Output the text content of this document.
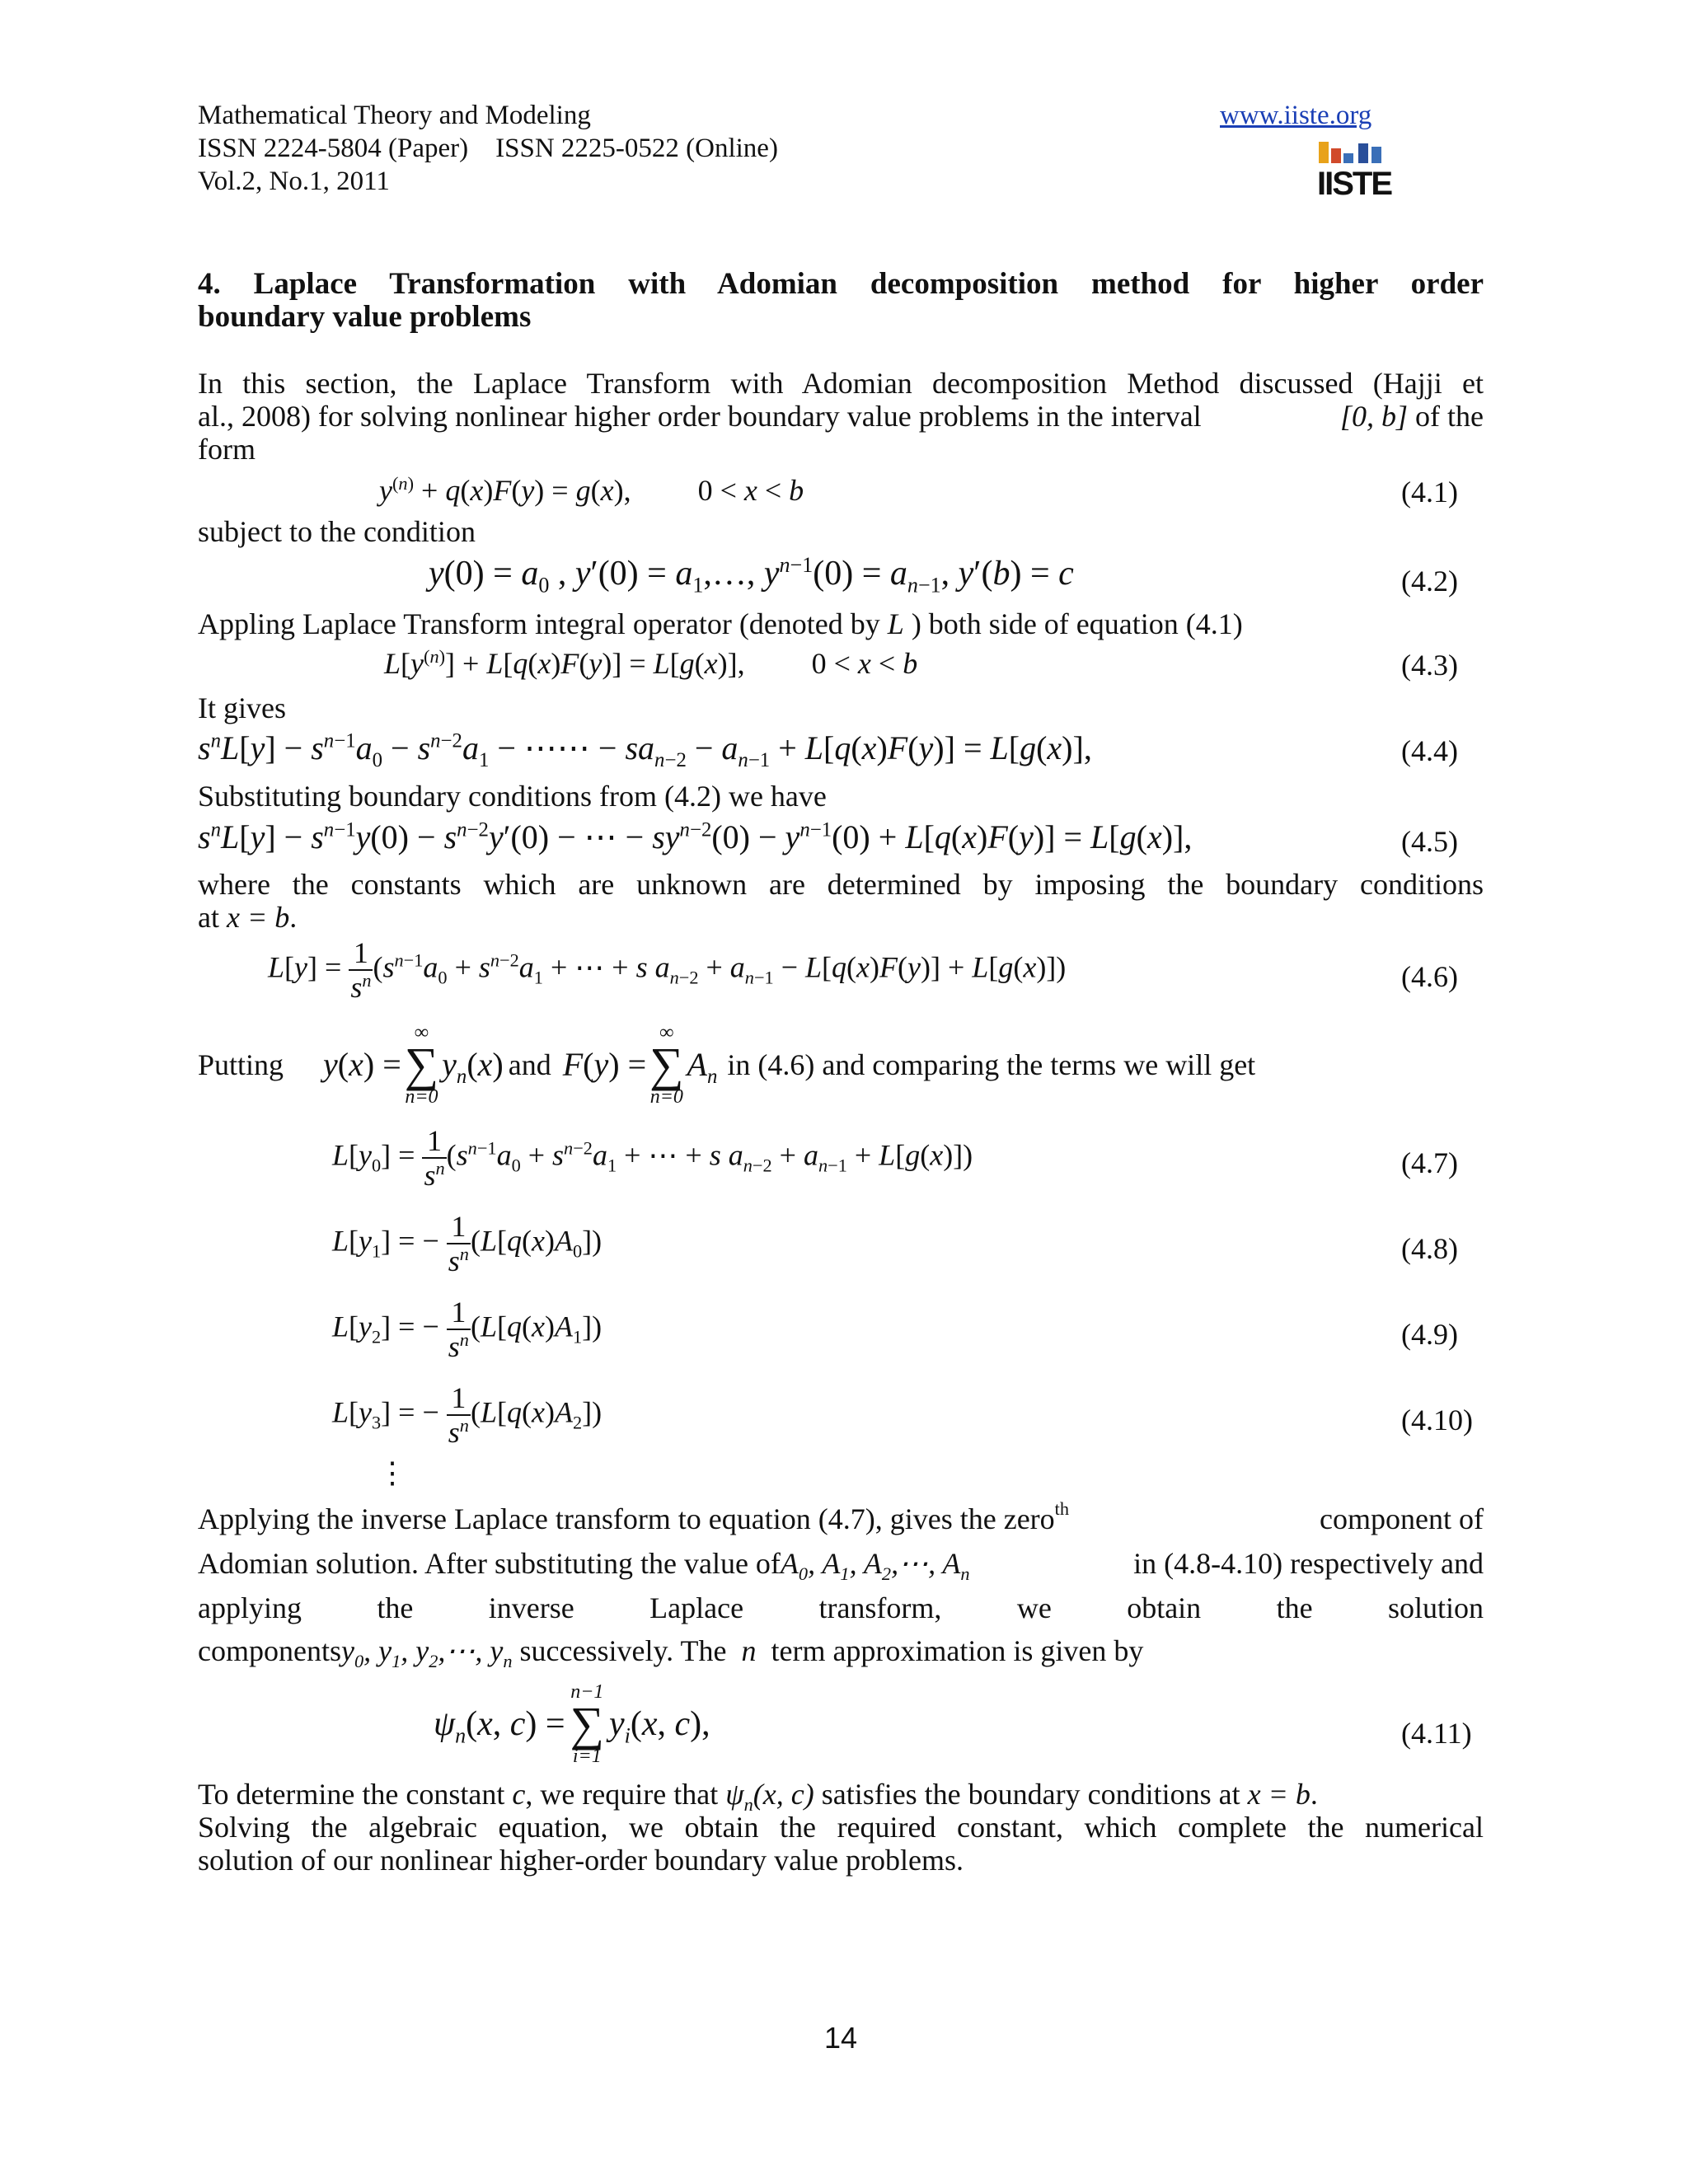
Mathematical Theory and Modeling
ISSN 2224-5804 (Paper)    ISSN 2225-0522 (Online)
Vol.2, No.1, 2011
www.iiste.org
IISTE
4. Laplace Transformation with Adomian decomposition method for higher order
boundary value problems
In this section, the Laplace Transform with Adomian decomposition Method discussed (Hajji et
al., 2008) for solving nonlinear higher order boundary value problems in the interval	[0, b] of the
form
$y^{(n)} + q(x)F(y) = g(x)$,         0 < x < b	(4.1)
subject to the condition
$y(0) = a_0$ , $y'(0) = a_1,\dots$, $y^{n-1}(0) = a_{n-1}$, y′(b) = c	(4.2)
Appling Laplace Transform integral operator (denoted by L ) both side of equation (4.1)
$L[y^{(n)}] + L[q(x)F(y)] = L[g(x)]$,         0 < x < b	(4.3)
It gives
$s^nL[y] - s^{n-1}a_0 - s^{n-2}a_1$ − ⋯⋯ − $sa_{n-2} - a_{n-1} + L[q(x)F(y)] = L[g(x)]$,	(4.4)
Substituting boundary conditions from (4.2) we have
$s^nL[y] - s^{n-1}y(0) - s^{n-2}y'(0)$ − ⋯ − $sy^{n-2}(0) - y^{n-1}(0) + L[q(x)F(y)] = L[g(x)]$,	(4.5)
where the constants which are unknown are determined by imposing the boundary conditions
at x = b.
$L[y] = \frac{1}{s^n} (s^{n-1}a_0 + s^{n-2}a_1$ + ⋯ + s $a_{n-2} + a_{n-1} - L[q(x)F(y)] + L[g(x)]$)	(4.6)
Putting y(x) =
∞
∑
n=0
$y_n(x)$ and F(y) =
∞
∑
n=0
$A_n$ in (4.6) and comparing the terms we will get
$L[y_0] = \frac{1}{s^n} (s^{n-1}a_0 + s^{n-2}a_1$ + ⋯ + s $a_{n-2} + a_{n-1} + L[g(x)]$)	(4.7)
$L[y_1]$ = − $\frac{1}{s^n} (L[q(x)A_0])$	(4.8)
$L[y_2]$ = − $\frac{1}{s^n} (L[q(x)A_1])$	(4.9)
$L[y_3]$ = − $\frac{1}{s^n} (L[q(x)A_2])$	(4.10)
⋮
Applying the inverse Laplace transform to equation (4.7), gives the zero$^{th}$	component of
Adomian solution. After substituting the value ofA$_0$, $A_1$, $A_2,\cdots$, $A_n$	in (4.8-4.10) respectively and
applying the inverse Laplace transform, we obtain the solution
componentsy$_0$, $y_1$, $y_2,\cdots$, $y_n$ successively. The n term approximation is given by
$\psi_n(x$, c) =
n−1
∑
i=1
$y_i(x$, c),	(4.11)
To determine the constant c, we require that $\psi_n(x$, c) satisfies the boundary conditions at x = b.
Solving the algebraic equation, we obtain the required constant, which complete the numerical
solution of our nonlinear higher-order boundary value problems.
14
